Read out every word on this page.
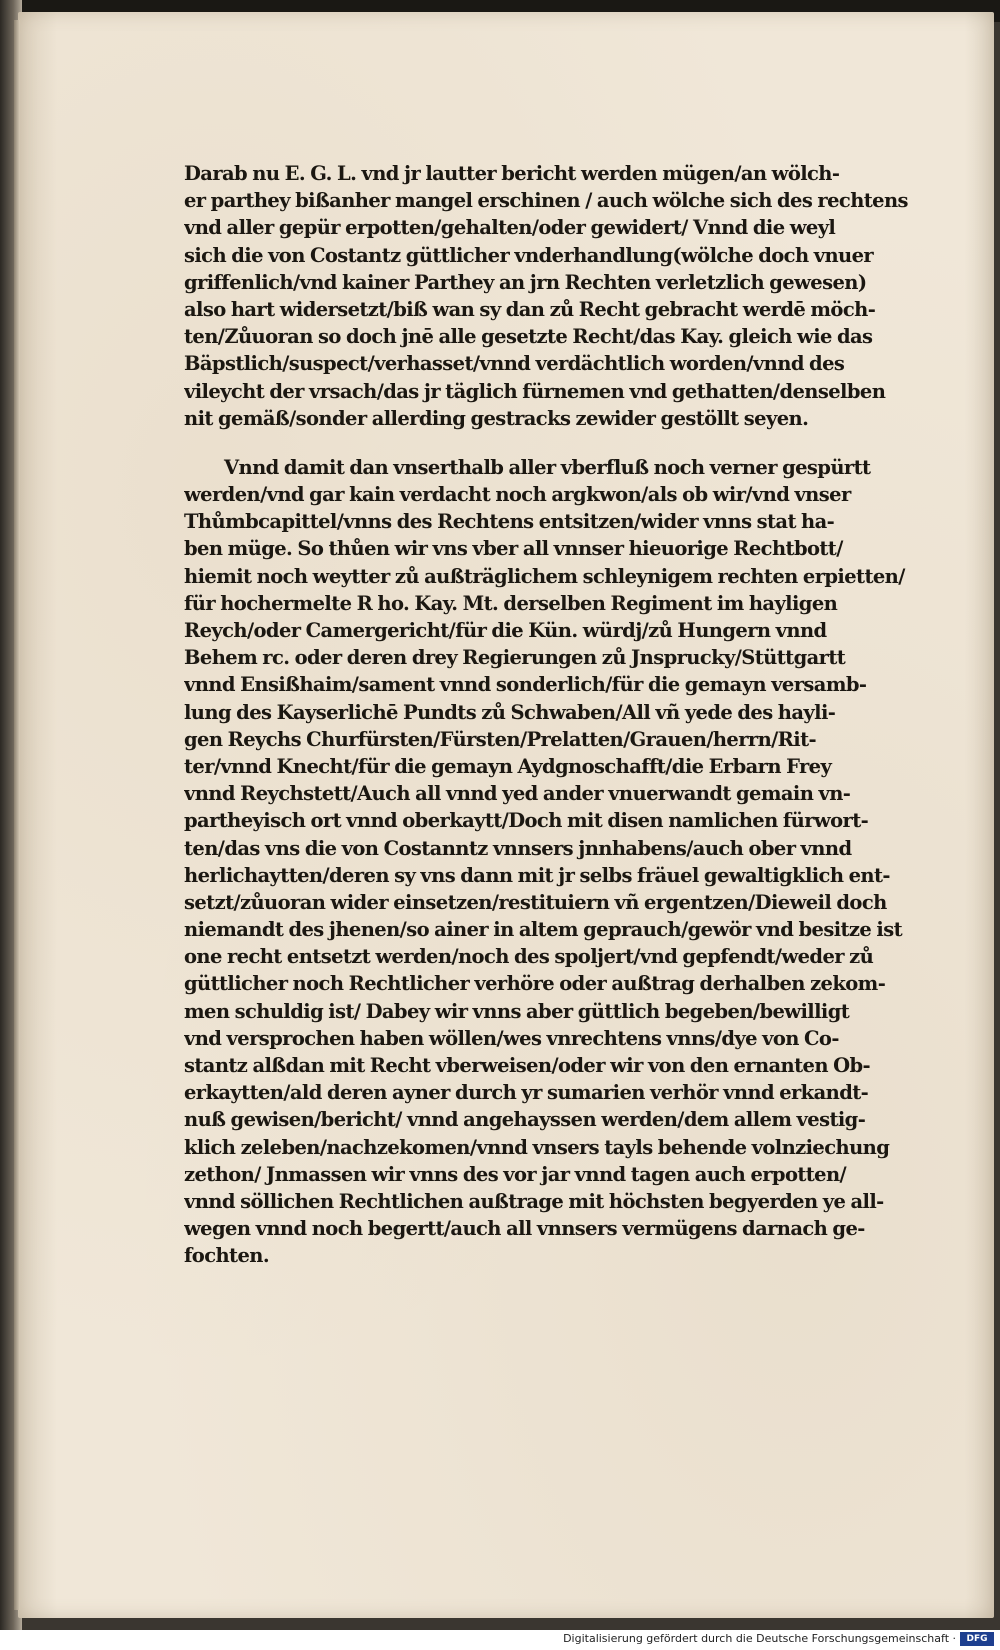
Darab nu E. G. L. vnd jr lautter bericht werden mügen/an wölch-
er parthey bißanher mangel erschinen / auch wölche sich des rechtens
vnd aller gepür erpotten/gehalten/oder gewidert/ Vnnd die weyl
sich die von Costantz güttlicher vnderhandlung(wölche doch vnuer
griffenlich/vnd kainer Parthey an jrn Rechten verletzlich gewesen)
also hart widersetzt/biß wan sy dan zů Recht gebracht werdē möch-
ten/Zůuoran so doch jnē alle gesetzte Recht/das Kay. gleich wie das
Bäpstlich/suspect/verhasset/vnnd verdächtlich worden/vnnd des
vileycht der vrsach/das jr täglich fürnemen vnd gethatten/denselben
nit gemäß/sonder allerding gestracks zewider gestöllt seyen.
Vnnd damit dan vnserthalb aller vberfluß noch verner gespürtt
werden/vnd gar kain verdacht noch argkwon/als ob wir/vnd vnser
Thůmbcapittel/vnns des Rechtens entsitzen/wider vnns stat ha-
ben müge. So thůen wir vns vber all vnnser hieuorige Rechtbott/
hiemit noch weytter zů außträglichem schleynigem rechten erpietten/
für hochermelte R ho. Kay. Mt. derselben Regiment im hayligen
Reych/oder Camergericht/für die Kün. würdj/zů Hungern vnnd
Behem rc. oder deren drey Regierungen zů Jnsprucky/Stüttgartt
vnnd Ensißhaim/sament vnnd sonderlich/für die gemayn versamb-
lung des Kayserlichē Pundts zů Schwaben/All vñ yede des hayli-
gen Reychs Churfürsten/Fürsten/Prelatten/Grauen/herrn/Rit-
ter/vnnd Knecht/für die gemayn Aydgnoschafft/die Erbarn Frey
vnnd Reychstett/Auch all vnnd yed ander vnuerwandt gemain vn-
partheyisch ort vnnd oberkaytt/Doch mit disen namlichen fürwort-
ten/das vns die von Costanntz vnnsers jnnhabens/auch ober vnnd
herlichaytten/deren sy vns dann mit jr selbs fräuel gewaltigklich ent-
setzt/zůuoran wider einsetzen/restituiern vñ ergentzen/Dieweil doch
niemandt des jhenen/so ainer in altem geprauch/gewör vnd besitze ist
one recht entsetzt werden/noch des spoljert/vnd gepfendt/weder zů
güttlicher noch Rechtlicher verhöre oder außtrag derhalben zekom-
men schuldig ist/ Dabey wir vnns aber güttlich begeben/bewilligt
vnd versprochen haben wöllen/wes vnrechtens vnns/dye von Co-
stantz alßdan mit Recht vberweisen/oder wir von den ernanten Ob-
erkaytten/ald deren ayner durch yr sumarien verhör vnnd erkandt-
nuß gewisen/bericht/ vnnd angehayssen werden/dem allem vestig-
klich zeleben/nachzekomen/vnnd vnsers tayls behende volnziechung
zethon/ Jnmassen wir vnns des vor jar vnnd tagen auch erpotten/
vnnd söllichen Rechtlichen außtrage mit höchsten begyerden ye all-
wegen vnnd noch begertt/auch all vnnsers vermügens darnach ge-
fochten.
Digitalisierung gefördert durch die Deutsche Forschungsgemeinschaft ·	DFG
